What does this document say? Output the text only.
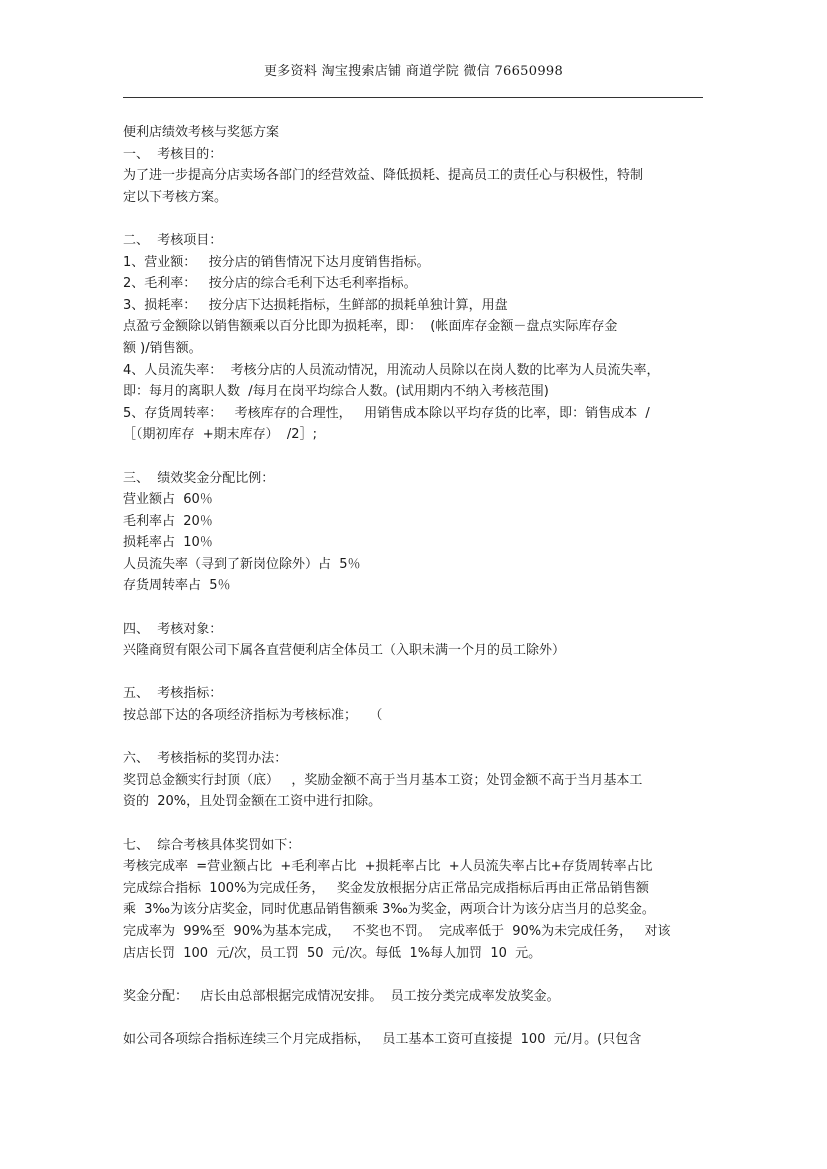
更多资料 淘宝搜索店铺 商道学院 微信 76650998
便利店绩效考核与奖惩方案
一、  考核目的：
为了进一步提高分店卖场各部门的经营效益、降低损耗、提高员工的责任心与积极性，特制
定以下考核方案。
二、  考核项目：
1、营业额：   按分店的销售情况下达月度销售指标。
2、毛利率：   按分店的综合毛利下达毛利率指标。
3、损耗率：   按分店下达损耗指标，生鲜部的损耗单独计算，用盘
点盈亏金额除以销售额乘以百分比即为损耗率，即：  (帐面库存金额－盘点实际库存金
额 )/销售额。
4、人员流失率：  考核分店的人员流动情况，用流动人员除以在岗人数的比率为人员流失率，
即：每月的离职人数  /每月在岗平均综合人数。(试用期内不纳入考核范围)
5、存货周转率：   考核库存的合理性，   用销售成本除以平均存货的比率，即：销售成本  /
［（期初库存  +期末库存）  /2］;
三、  绩效奖金分配比例：
营业额占  60％
毛利率占  20％
损耗率占  10％
人员流失率（寻到了新岗位除外）占  5％
存货周转率占  5％
四、  考核对象：
兴隆商贸有限公司下属各直营便利店全体员工（入职未满一个月的员工除外）
五、  考核指标：
按总部下达的各项经济指标为考核标准；   （
六、  考核指标的奖罚办法：
奖罚总金额实行封顶（底）   ，奖励金额不高于当月基本工资；处罚金额不高于当月基本工
资的  20%，且处罚金额在工资中进行扣除。
七、  综合考核具体奖罚如下：
考核完成率  =营业额占比  +毛利率占比  +损耗率占比  +人员流失率占比+存货周转率占比
完成综合指标  100%为完成任务，   奖金发放根据分店正常品完成指标后再由正常品销售额
乘  3‰为该分店奖金，同时优惠品销售额乘 3‰为奖金，两项合计为该分店当月的总奖金。
完成率为  99%至  90%为基本完成，   不奖也不罚。  完成率低于  90%为未完成任务，   对该
店店长罚  100  元/次，员工罚  50  元/次。每低  1%每人加罚  10  元。
奖金分配：   店长由总部根据完成情况安排。  员工按分类完成率发放奖金。
如公司各项综合指标连续三个月完成指标，   员工基本工资可直接提  100  元/月。(只包含
